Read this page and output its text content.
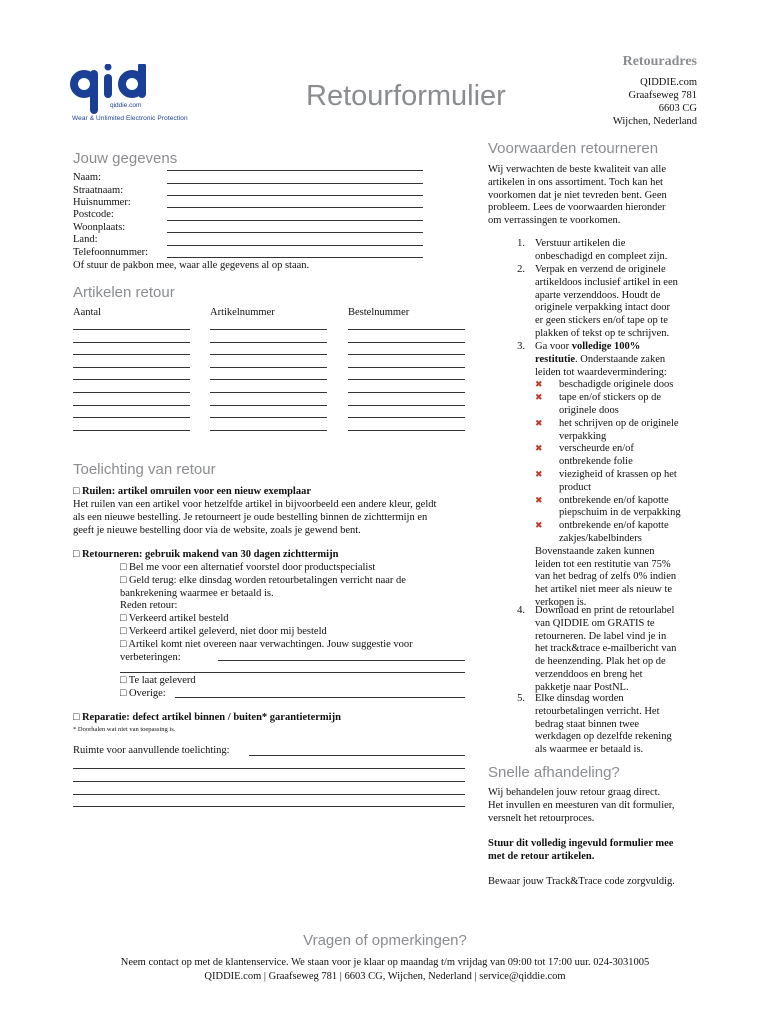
qiddie.com
Wear & Unlimited Electronic Protection
Retourformulier
Retouradres
QIDDIE.com
Graafseweg 781
6603 CG
Wijchen, Nederland
Jouw gegevens
Naam:
Straatnaam:
Huisnummer:
Postcode:
Woonplaats:
Land:
Telefoonnummer:
Of stuur de pakbon mee, waar alle gegevens al op staan.
Artikelen retour
Aantal	Artikelnummer	Bestelnummer
Toelichting van retour
□ Ruilen: artikel omruilen voor een nieuw exemplaar
Het ruilen van een artikel voor hetzelfde artikel in bijvoorbeeld een andere kleur, geldt
als een nieuwe bestelling. Je retourneert je oude bestelling binnen de zichttermijn en
geeft je nieuwe bestelling door via de website, zoals je gewend bent.
□ Retourneren: gebruik makend van 30 dagen zichttermijn
□ Bel me voor een alternatief voorstel door productspecialist
□ Geld terug: elke dinsdag worden retourbetalingen verricht naar de
bankrekening waarmee er betaald is.
Reden retour:
□ Verkeerd artikel besteld
□ Verkeerd artikel geleverd, niet door mij besteld
□ Artikel komt niet overeen naar verwachtingen. Jouw suggestie voor
verbeteringen:
□ Te laat geleverd
□ Overige:
□ Reparatie: defect artikel binnen / buiten* garantietermijn
* Doorhalen wat niet van toepassing is.
Ruimte voor aanvullende toelichting:
Voorwaarden retourneren
Wij verwachten de beste kwaliteit van alle
artikelen in ons assortiment. Toch kan het
voorkomen dat je niet tevreden bent. Geen
probleem. Lees de voorwaarden hieronder
om verrassingen te voorkomen.
1. Verstuur artikelen die
onbeschadigd en compleet zijn.
2. Verpak en verzend de originele
artikeldoos inclusief artikel in een
aparte verzenddoos. Houdt de
originele verpakking intact door
er geen stickers en/of tape op te
plakken of tekst op te schrijven.
3. Ga voor volledige 100%
restitutie. Onderstaande zaken
leiden tot waardevermindering:
✖ beschadigde originele doos
✖ tape en/of stickers op de
originele doos
✖ het schrijven op de originele
verpakking
✖ verscheurde en/of
ontbrekende folie
✖ viezigheid of krassen op het
product
✖ ontbrekende en/of kapotte
piepschuim in de verpakking
✖ ontbrekende en/of kapotte
zakjes/kabelbinders
Bovenstaande zaken kunnen
leiden tot een restitutie van 75%
van het bedrag of zelfs 0% indien
het artikel niet meer als nieuw te
verkopen is.
4. Download en print de retourlabel
van QIDDIE om GRATIS te
retourneren. De label vind je in
het track&trace e-mailbericht van
de heenzending. Plak het op de
verzenddoos en breng het
pakketje naar PostNL.
5. Elke dinsdag worden
retourbetalingen verricht. Het
bedrag staat binnen twee
werkdagen op dezelfde rekening
als waarmee er betaald is.
Snelle afhandeling?
Wij behandelen jouw retour graag direct.
Het invullen en meesturen van dit formulier,
versnelt het retourproces.
Stuur dit volledig ingevuld formulier mee
met de retour artikelen.
Bewaar jouw Track&Trace code zorgvuldig.
Vragen of opmerkingen?
Neem contact op met de klantenservice. We staan voor je klaar op maandag t/m vrijdag van 09:00 tot 17:00 uur. 024-3031005
QIDDIE.com | Graafseweg 781 | 6603 CG, Wijchen, Nederland | service@qiddie.com
